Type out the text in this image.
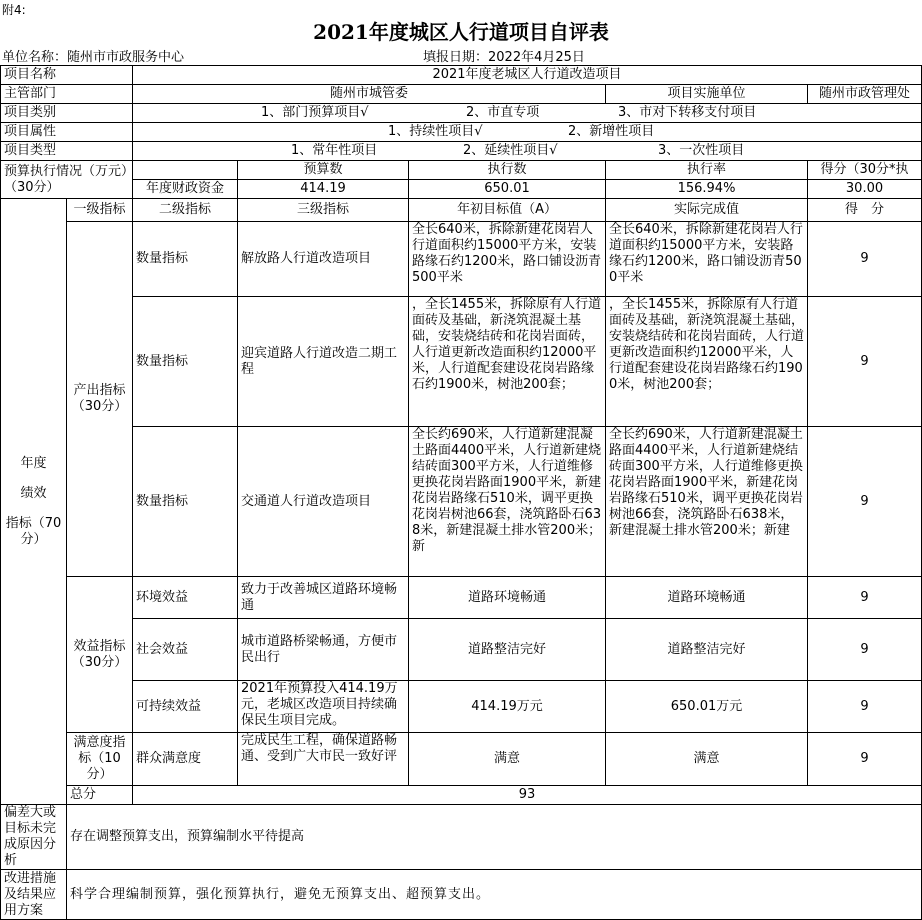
附4:
2021年度城区人行道项目自评表
单位名称：随州市市政服务中心	填报日期：2022年4月25日
项目名称		2021年度老城区人行道改造项目				
主管部门		随州市城管委			项目实施单位	随州市政管理处
项目类别		1、部门预算项目√ 2、市直专项 3、市对下转移支付项目				

项目属性		1、持续性项目√ 2、新增性项目				

项目类型		1、常年性项目 2、延续性项目√ 3、一次性项目				

预算执行情况（万元）（30分）			预算数	执行数	执行率	得分（30分*执
		年度财政资金	414.19	650.01	156.94%	30.00

年度
绩效
指标（70分）	一级指标	二级指标	三级指标	年初目标值（A）	实际完成值	得　分
	产出指标（30分）	数量指标	解放路人行道改造项目	全长640米，拆除新建花岗岩人行道面积约15000平方米，安装路缘石约1200米，路口铺设沥青500平米	全长640米，拆除新建花岗岩人行道面积约15000平方米，安装路缘石约1200米，路口铺设沥青500平米	9
		数量指标	迎宾道路人行道改造二期工程	，全长1455米，拆除原有人行道面砖及基础，新浇筑混凝土基础，安装烧结砖和花岗岩面砖，人行道更新改造面积约12000平米，人行道配套建设花岗岩路缘石约1900米，树池200套；	，全长1455米，拆除原有人行道面砖及基础，新浇筑混凝土基础，安装烧结砖和花岗岩面砖，人行道更新改造面积约12000平米，人行道配套建设花岗岩路缘石约1900米，树池200套；	9
		数量指标	交通道人行道改造项目	全长约690米，人行道新建混凝土路面4400平米，人行道新建烧结砖面300平方米，人行道维修更换花岗岩路面1900平米，新建花岗岩路缘石510米，调平更换花岗岩树池66套，浇筑路卧石638米，新建混凝土排水管200米；新	全长约690米，人行道新建混凝土路面4400平米，人行道新建烧结砖面300平方米，人行道维修更换花岗岩路面1900平米，新建花岗岩路缘石510米，调平更换花岗岩树池66套，浇筑路卧石638米，新建混凝土排水管200米；新建	9
	效益指标（30分）	环境效益	致力于改善城区道路环境畅通	道路环境畅通	道路环境畅通	9
		社会效益	城市道路桥梁畅通，方便市民出行	道路整洁完好	道路整洁完好	9
		可持续效益	2021年预算投入414.19万元，老城区改造项目持续确保民生项目完成。	414.19万元	650.01万元	9
	满意度指标（10分）	群众满意度	完成民生工程，确保道路畅通、受到广大市民一致好评	满意	满意	9
	总分	93				
偏差大或目标未完成原因分析	存在调整预算支出，预算编制水平待提高					
改进措施及结果应用方案	科学合理编制预算，强化预算执行，避免无预算支出、超预算支出。					
